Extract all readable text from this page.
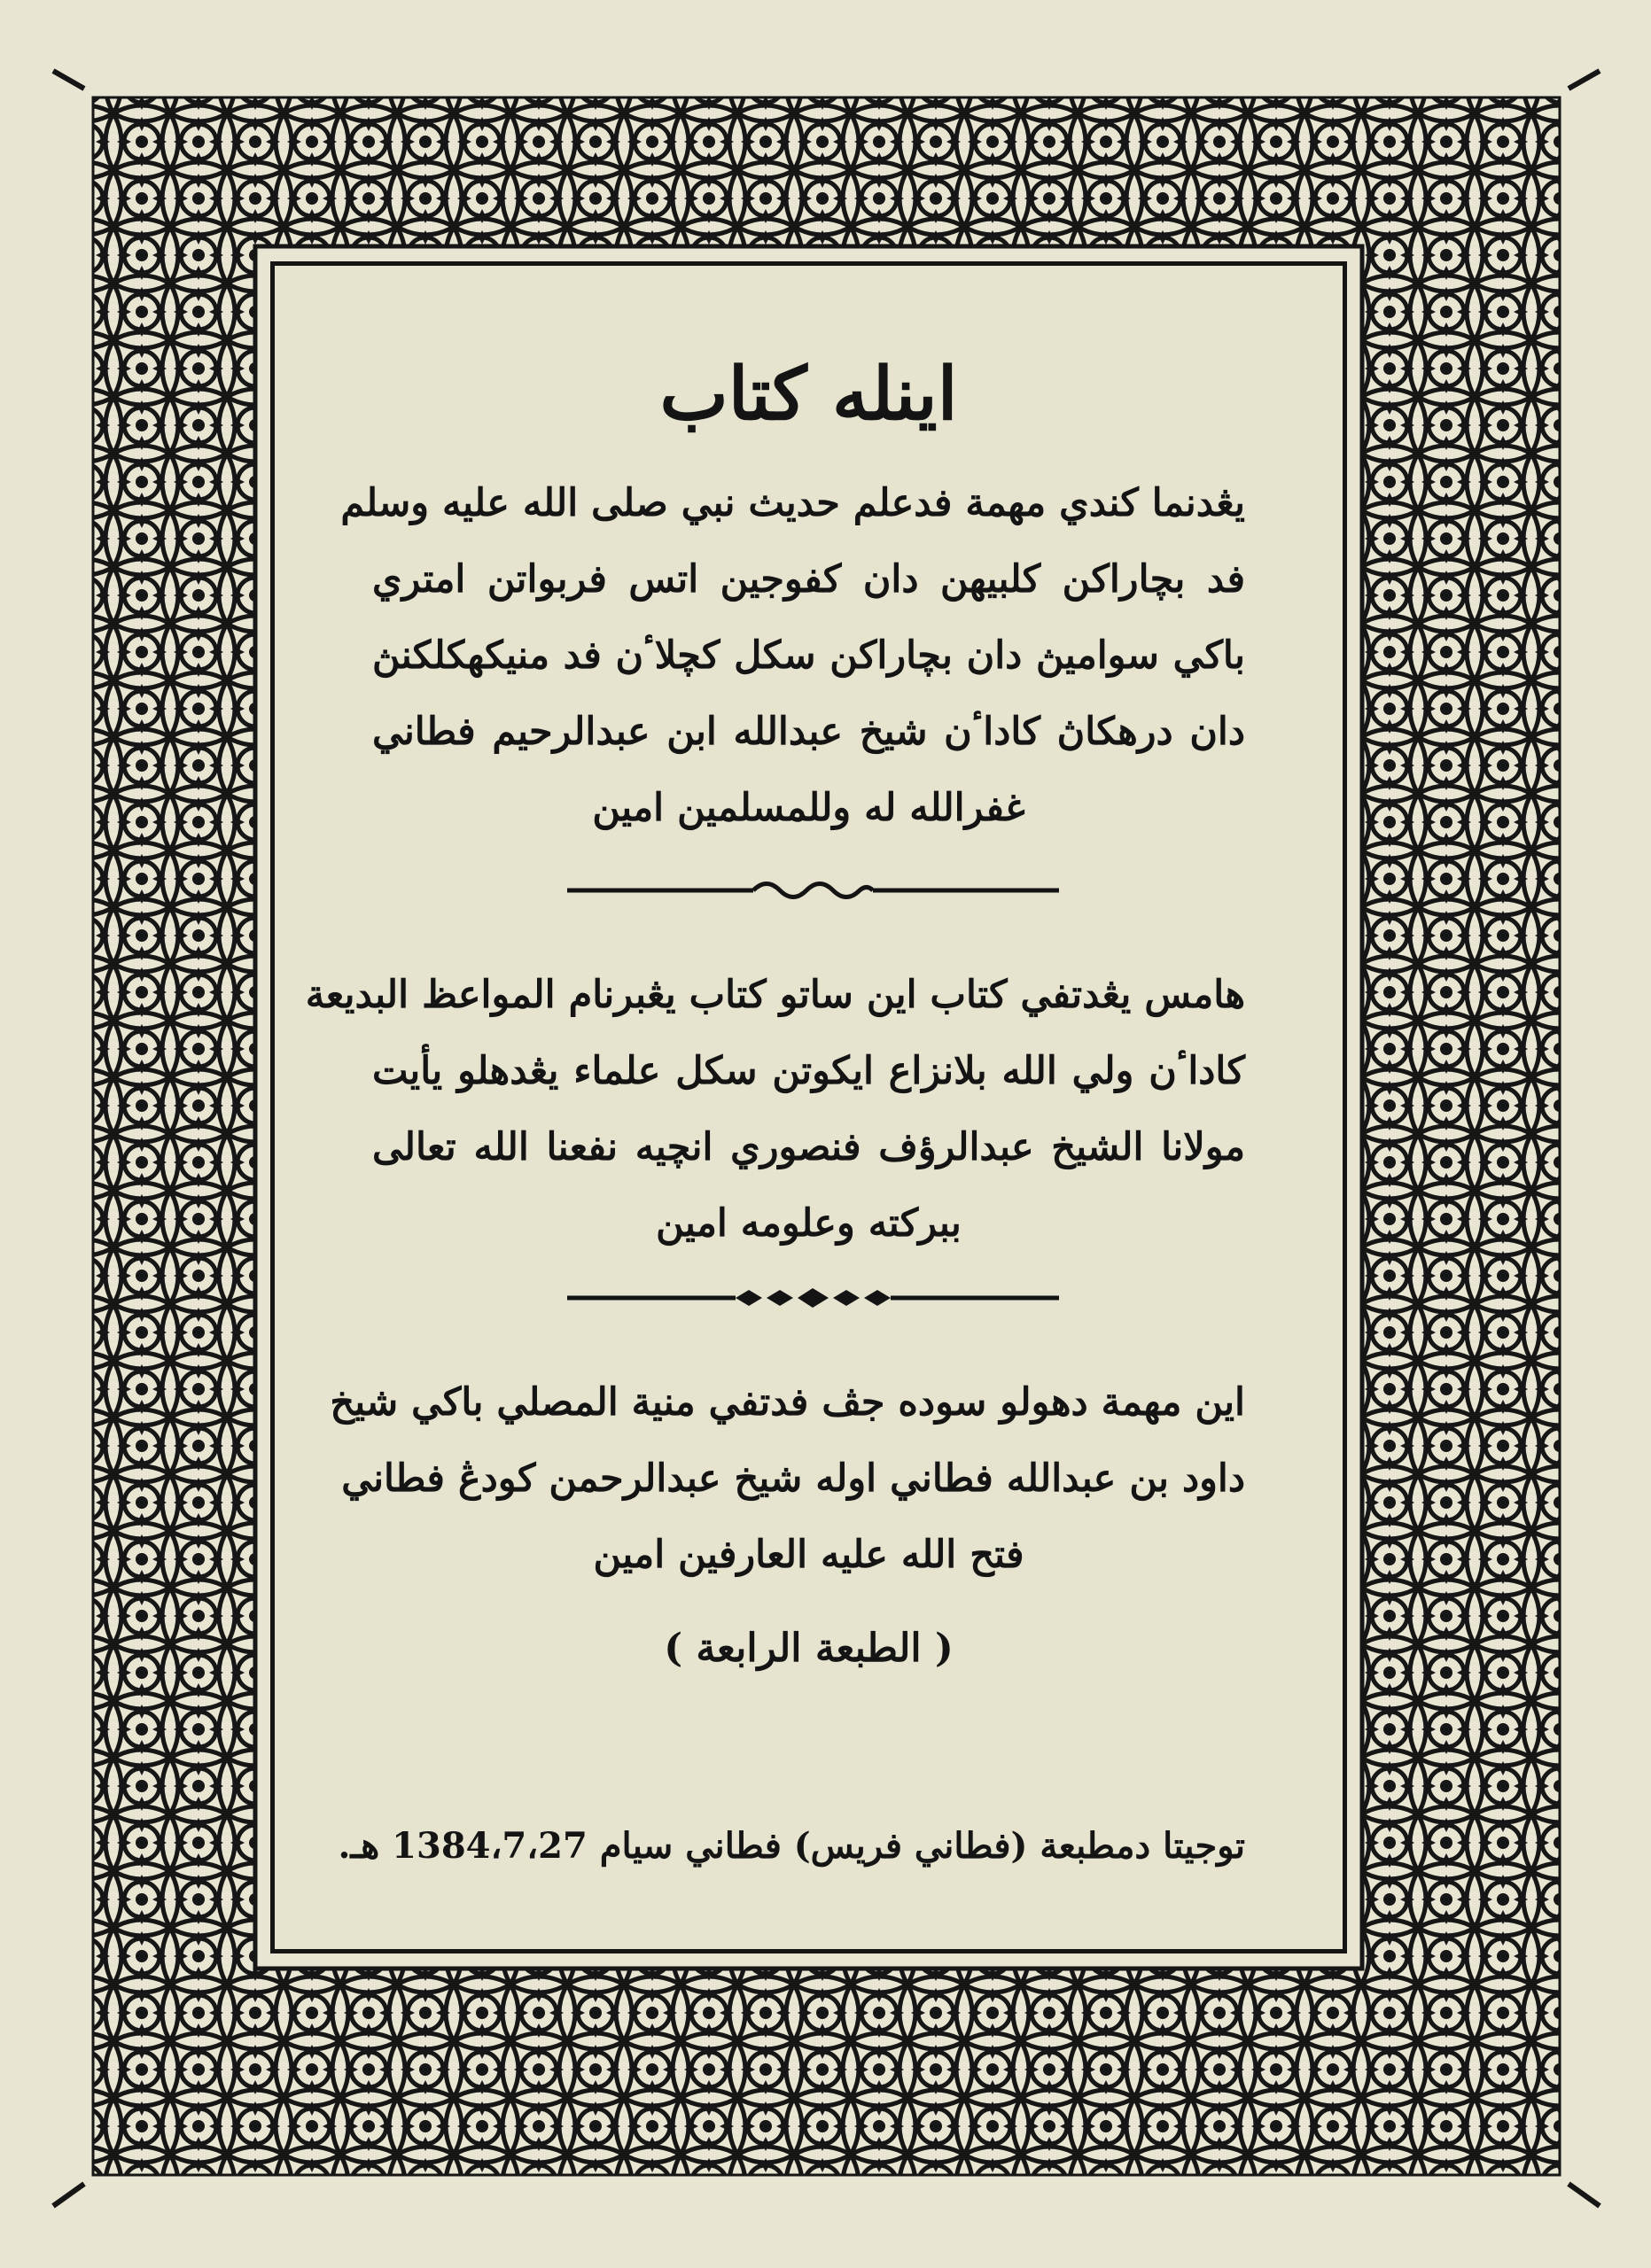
اينله كتاب
يڠدنما كندي مهمة فدعلم حديث نبي صلى الله عليه وسلم
فد بچاراكن كلبيهن دان كفوجين اتس فربواتن امتري
باكي سواميڽ دان بچاراكن سكل كچلاٴن فد منيكهكلكنڽ
دان درهكاڽ كاداٴن شيخ عبدالله ابن عبدالرحيم فطاني
غفرالله له وللمسلمين امين
هامس يڠدتفي كتاب اين ساتو كتاب يڠبرنام المواعظ البديعة
كاداٴن ولي الله بلانزاع ايكوتن سكل علماء يڠدهلو يأيت
مولانا الشيخ عبدالرؤف فنصوري انچيه نفعنا الله تعالى
ببركته وعلومه امين
اين مهمة دهولو سوده جڤ فدتفي منية المصلي باكي شيخ
داود بن عبدالله فطاني اوله شيخ عبدالرحمن كودڠ فطاني
فتح الله عليه العارفين امين
( الطبعة الرابعة )
توجيتا دمطبعة (فطاني فريس) فطاني سيام 1384،7،27 هـ.
